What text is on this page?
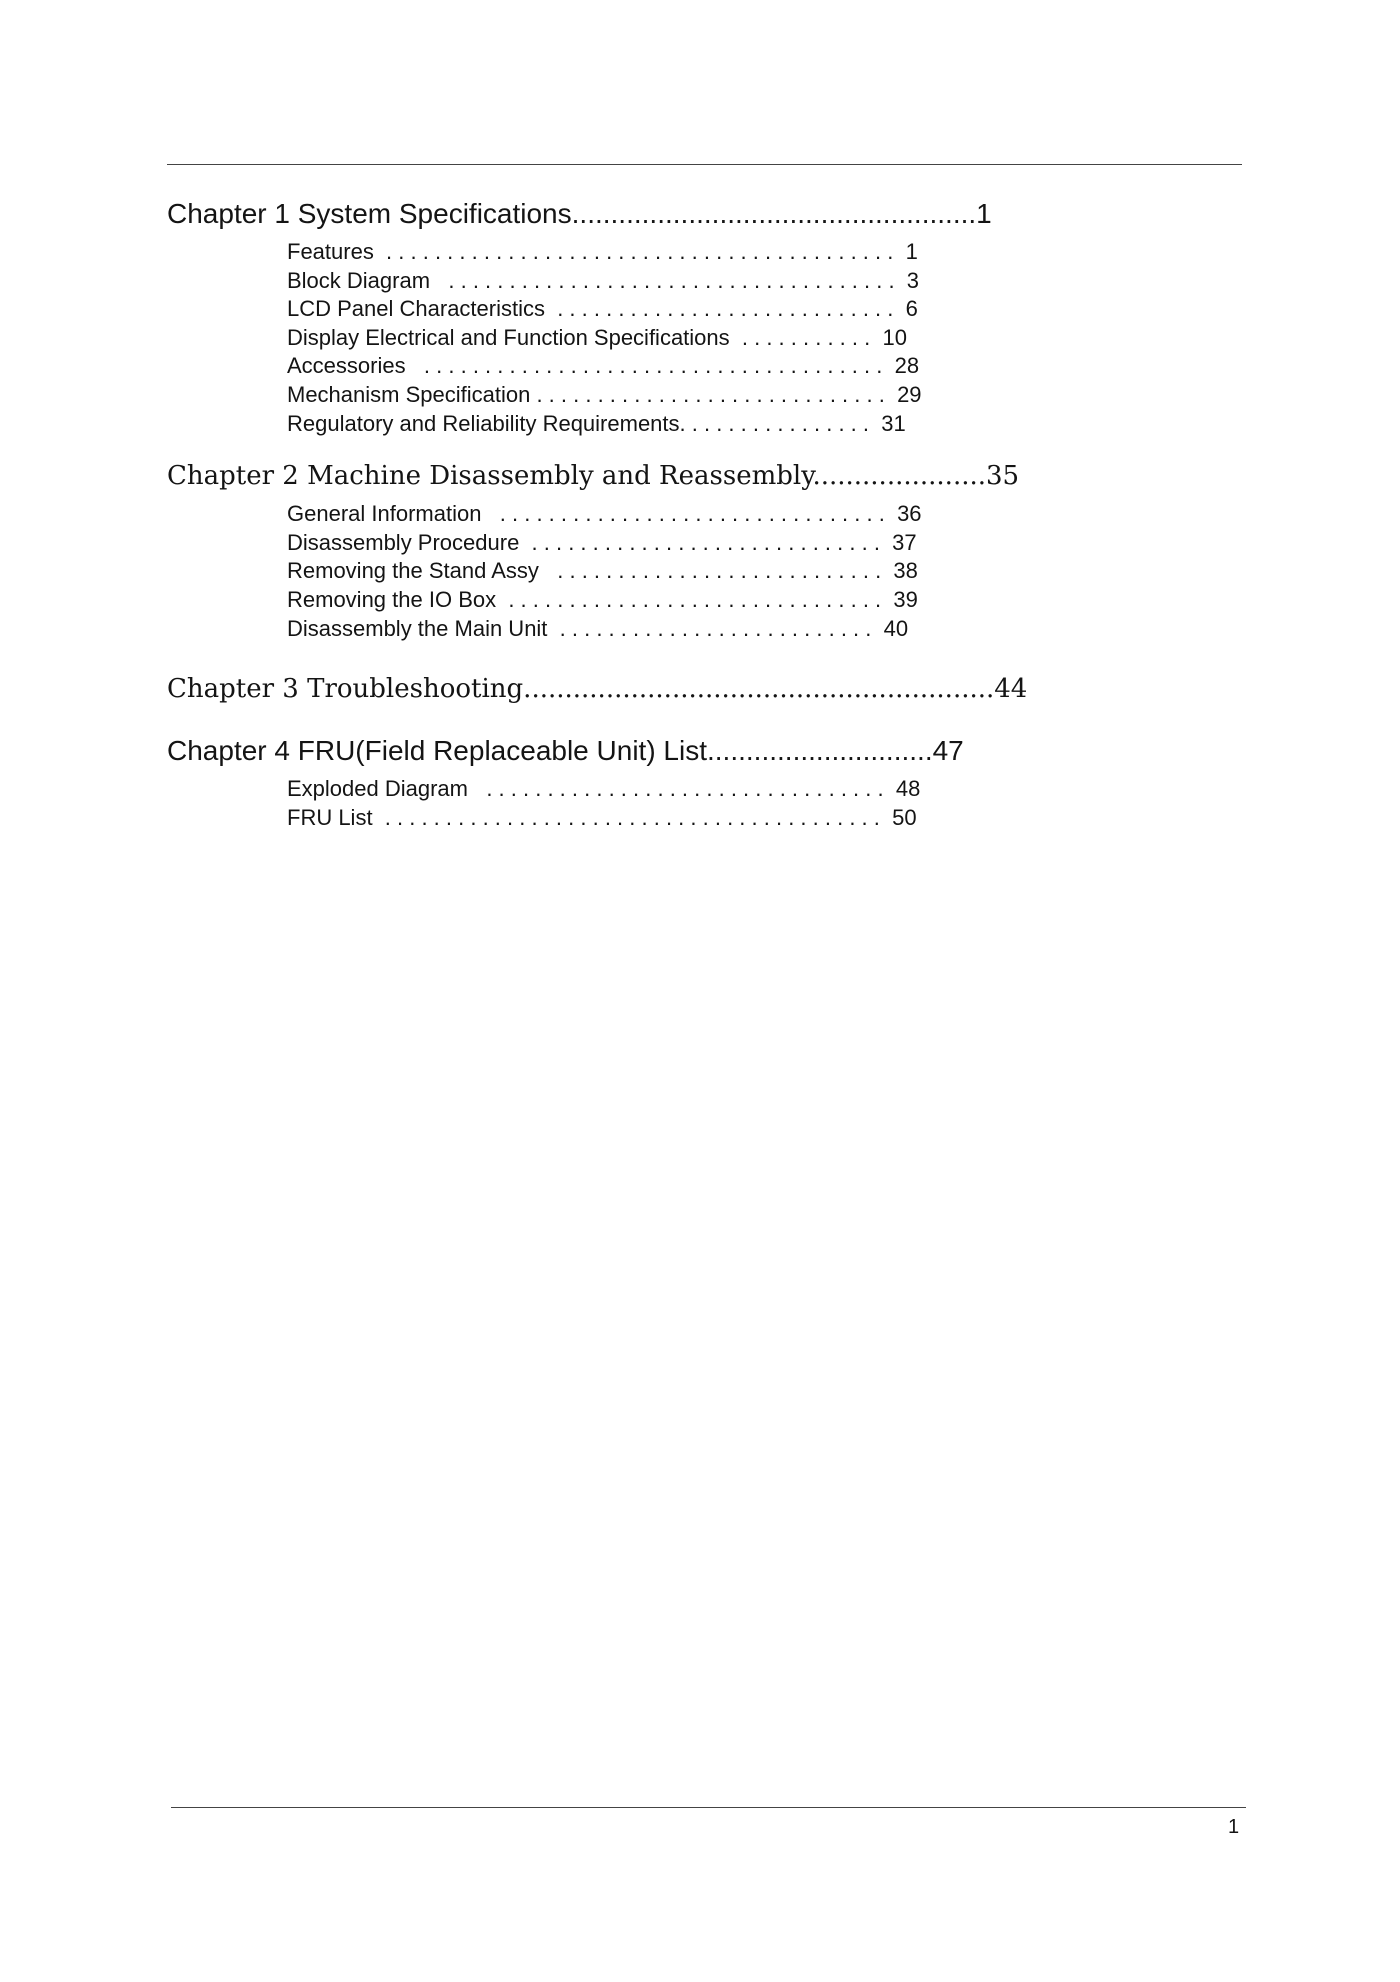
Chapter 1 System Specifications....................................................1

Features  . . . . . . . . . . . . . . . . . . . . . . . . . . . . . . . . . . . . . . . . . .  1
Block Diagram   . . . . . . . . . . . . . . . . . . . . . . . . . . . . . . . . . . . . .  3
LCD Panel Characteristics  . . . . . . . . . . . . . . . . . . . . . . . . . . . .  6
Display Electrical and Function Specifications  . . . . . . . . . . .  10
Accessories   . . . . . . . . . . . . . . . . . . . . . . . . . . . . . . . . . . . . . .  28
Mechanism Specification . . . . . . . . . . . . . . . . . . . . . . . . . . . . .  29
Regulatory and Reliability Requirements. . . . . . . . . . . . . . . .  31

Chapter 2 Machine Disassembly and Reassembly.....................35

General Information   . . . . . . . . . . . . . . . . . . . . . . . . . . . . . . . .  36
Disassembly Procedure  . . . . . . . . . . . . . . . . . . . . . . . . . . . . .  37
Removing the Stand Assy   . . . . . . . . . . . . . . . . . . . . . . . . . . .  38
Removing the IO Box  . . . . . . . . . . . . . . . . . . . . . . . . . . . . . . .  39
Disassembly the Main Unit  . . . . . . . . . . . . . . . . . . . . . . . . . .  40

Chapter 3 Troubleshooting.........................................................44

Chapter 4 FRU(Field Replaceable Unit) List.............................47

Exploded Diagram   . . . . . . . . . . . . . . . . . . . . . . . . . . . . . . . . .  48
FRU List  . . . . . . . . . . . . . . . . . . . . . . . . . . . . . . . . . . . . . . . . .  50
1
